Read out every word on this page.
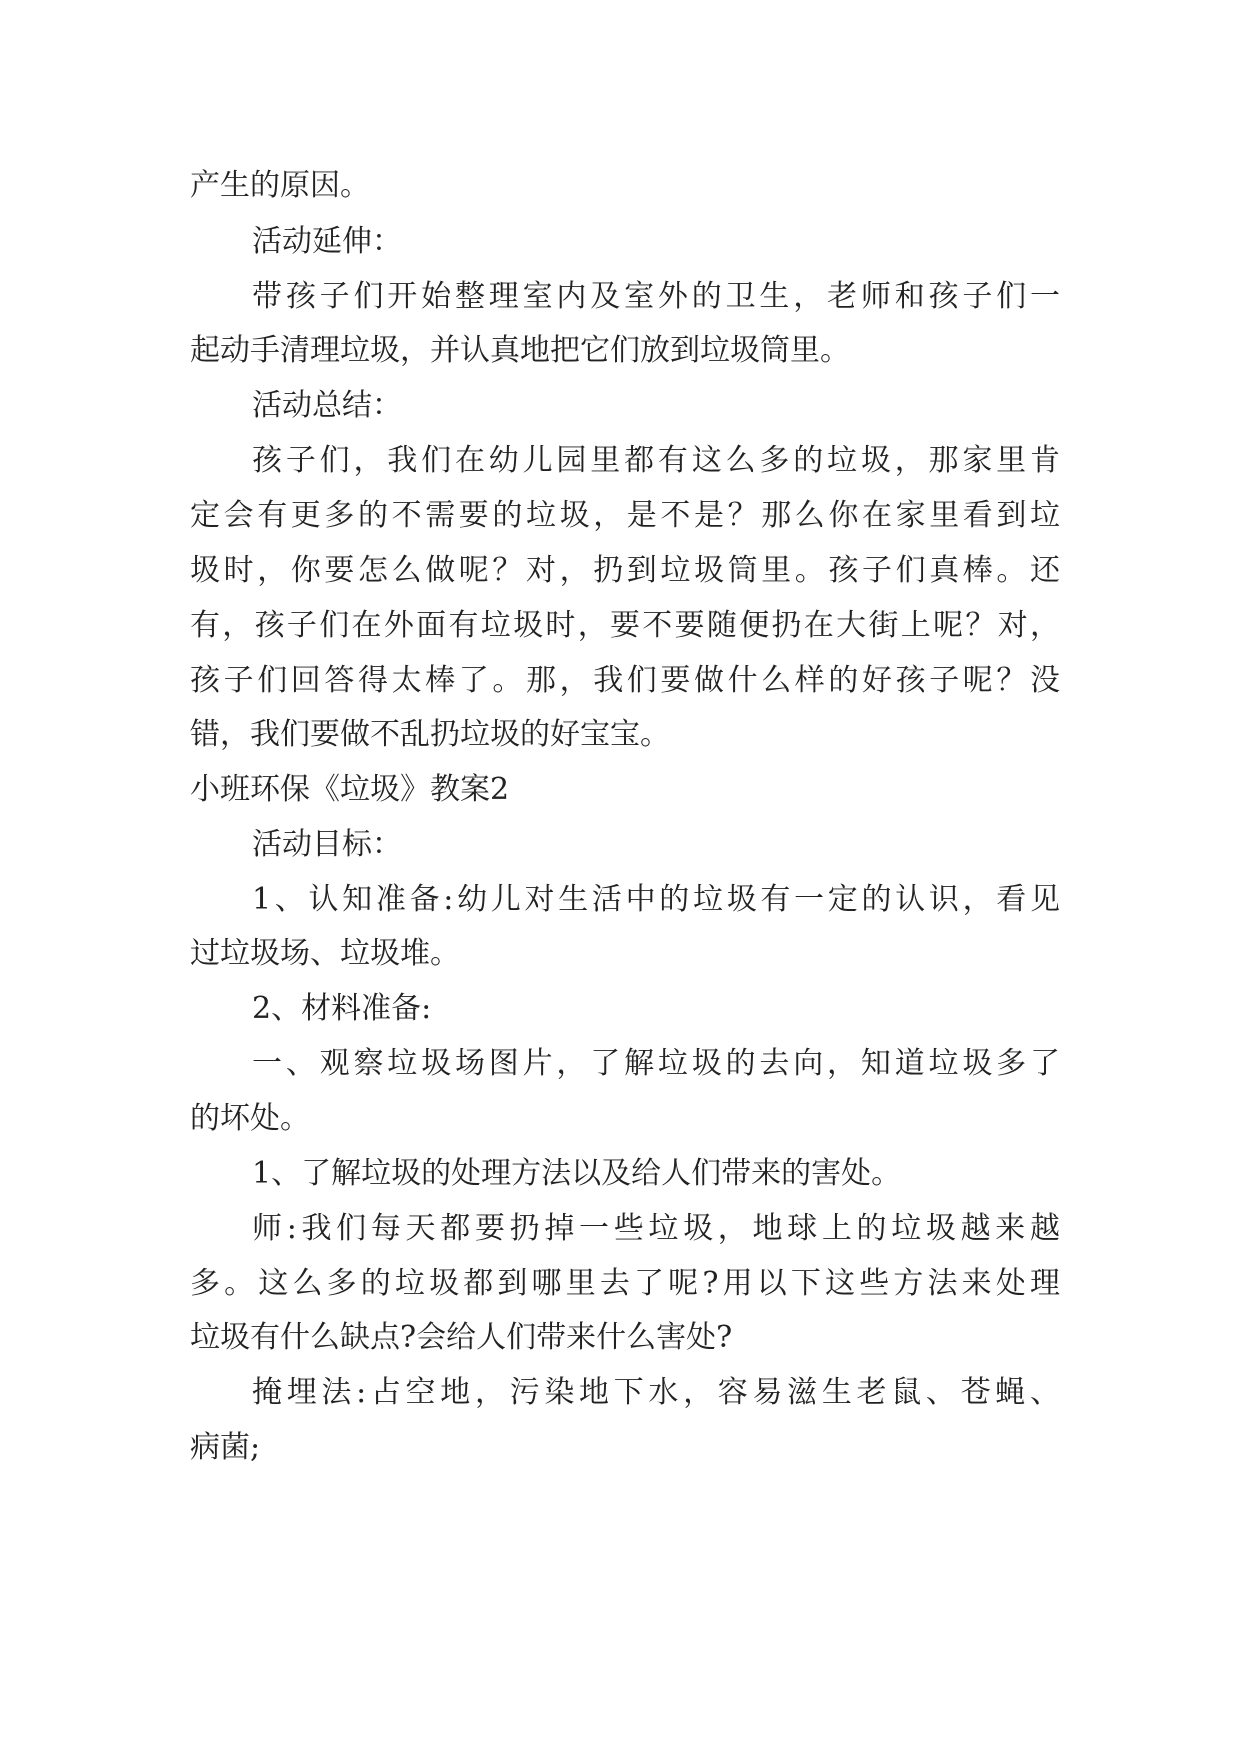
产生的原因。
活动延伸：
带孩子们开始整理室内及室外的卫生，老师和孩子们一
起动手清理垃圾，并认真地把它们放到垃圾筒里。
活动总结：
孩子们，我们在幼儿园里都有这么多的垃圾，那家里肯
定会有更多的不需要的垃圾，是不是？那么你在家里看到垃
圾时，你要怎么做呢？对，扔到垃圾筒里。孩子们真棒。还
有，孩子们在外面有垃圾时，要不要随便扔在大街上呢？对，
孩子们回答得太棒了。那，我们要做什么样的好孩子呢？没
错，我们要做不乱扔垃圾的好宝宝。
小班环保《垃圾》教案2
活动目标：
1、认知准备:幼儿对生活中的垃圾有一定的认识，看见
过垃圾场、垃圾堆。
2、材料准备:
一、观察垃圾场图片，了解垃圾的去向，知道垃圾多了
的坏处。
1、了解垃圾的处理方法以及给人们带来的害处。
师:我们每天都要扔掉一些垃圾，地球上的垃圾越来越
多。这么多的垃圾都到哪里去了呢?用以下这些方法来处理
垃圾有什么缺点?会给人们带来什么害处?
掩埋法:占空地，污染地下水，容易滋生老鼠、苍蝇、
病菌;
